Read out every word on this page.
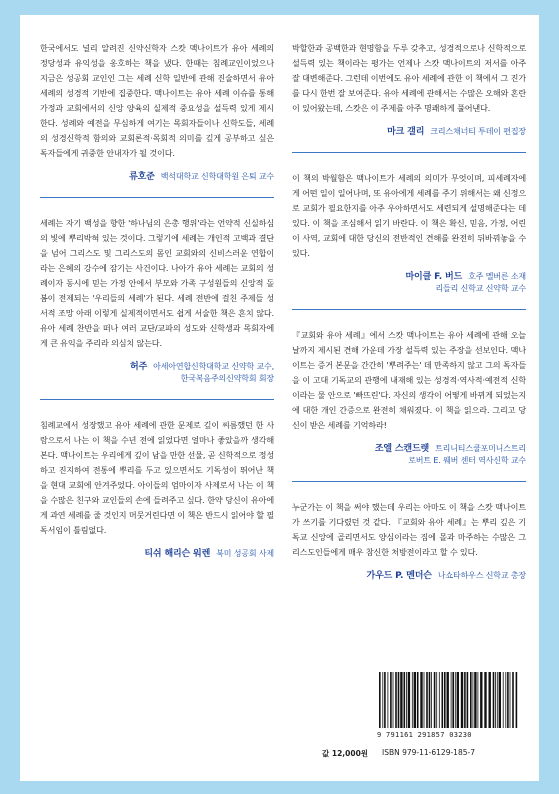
한국에서도 널리 알려진 신약신학자 스캇 맥나이트가 유아 세례의 정당성과 유익성을 옹호하는 책을 냈다. 한때는 침례교인이었으나 지금은 성공회 교인인 그는 세례 신학 일반에 관해 진술하면서 유아 세례의 성경적 기반에 집중한다. 맥나이트는 유아 세례 이슈를 통해 가정과 교회에서의 신앙 양육의 실제적 중요성을 설득력 있게 제시한다. 성례와 예전을 무심하게 여기는 목회자들이나 신학도들, 세례의 성경신학적 함의와 교회론적·목회적 의미를 깊게 공부하고 싶은 독자들에게 귀중한 안내자가 될 것이다.

류호준 백석대학교 신학대학원 은퇴 교수

세례는 자기 백성을 향한 '하나님의 은총 행위'라는 언약적 신실하심의 빛에 뿌리박혀 있는 것이다. 그렇기에 세례는 개인적 고백과 결단을 넘어 그리스도 및 그리스도의 몸인 교회와의 신비스러운 연합이라는 은혜의 강수에 잠기는 사건이다. 나아가 유아 세례는 교회의 성례이자 동시에 믿는 가정 안에서 부모와 가족 구성원들의 신앙적 돌봄이 전제되는 '우리들의 세례'가 된다. 세례 전반에 걸친 주제들 성서적 조망 아래 이렇게 실제적이면서도 쉽게 서술한 책은 흔치 않다. 유아 세례 찬반을 떠나 여러 교단/교파의 성도와 신학생과 목회자에게 큰 유익을 주리라 의심치 않는다.

허주 아세아연합신학대학교 신약학 교수,
한국복음주의신약학회 회장

침례교에서 성장했고 유아 세례에 관한 문제로 깊이 씨름했던 한 사람으로서 나는 이 책을 수년 전에 읽었다면 얼마나 좋았을까 생각해본다. 맥나이트는 우리에게 깊이 남을 만한 선물, 곧 신학적으로 정성하고 진지하여 전통에 뿌리를 두고 있으면서도 기독성이 뛰어난 책을 현대 교회에 안겨주었다. 아이들의 엄마이자 사제로서 나는 이 책을 수많은 친구와 교인들의 손에 들려주고 싶다. 한약 당신이 유아에게 과연 세례를 줄 것인지 머뭇거린다면 이 책은 반드시 읽어야 할 필독서임이 틀림없다.

티쉬 해리슨 워렌 북미 성공회 사제

박할한과 공백한과 현명함을 두루 갖추고, 성경적으로나 신학적으로 설득력 있는 책이라는 평가는 언제나 스캇 맥나이트의 저서를 아주 잘 대변해준다. 그런데 이번에도 유아 세례에 관한 이 책에서 그 진가를 다시 한번 잘 보여준다. 유아 세례에 관해서는 수많은 오해와 혼란이 있어왔는데, 스캇은 이 주제를 아주 명쾌하게 풀어낸다.

마크 갤리 크리스채너티 투데이 편집장

이 책의 박월함은 맥나이트가 세례의 의미가 무엇이며, 피세례자에게 어떤 일이 일어나며, 또 유아에게 세례를 주기 위해서는 왜 신정으로 교회가 필요한지를 아주 우아하면서도 세련되게 설명해준다는 데 있다. 이 책을 조심해서 읽기 바란다. 이 책은 확신, 믿음, 가정, 어린이 사역, 교회에 대한 당신의 전반적인 견해를 완전히 뒤바꿔놓을 수 있다.

마이클 F. 버드 호주 멜버른 소재
리들리 신학교 신약학 교수

『교회와 유아 세례』에서 스캇 맥나이트는 유아 세례에 관해 오늘날까지 제시된 견해 가운데 가장 설득력 있는 주장을 선보인다. 맥나이트는 증거 본문을 간간히 '뿌려주는' 데 만족하지 않고 그의 독자들을 이 고대 기독교의 관행에 내재해 있는 성경적·역사적·예전적 신학이라는 물 안으로 '빠뜨린'다. 자신의 생각이 어떻게 바뀌게 되었는지에 대한 개인 간증으로 완전히 채워졌다. 이 책을 읽으라. 그리고 당신이 받은 세례를 기억하라!

조엘 스캔드렛 트리니티스쿨포미니스트리
로버트 E. 웨버 센터 역사신학 교수

누군가는 이 책을 써야 했는데 우리는 아마도 이 책을 스캇 맥나이트가 쓰기를 기다렸던 것 같다. 『교회와 유아 세례』는 뿌리 깊은 기독교 신앙에 골리면서도 양심이라는 짐에 몰과 마주하는 수많은 그리스도인들에게 매우 참신한 처방전이라고 할 수 있다.

가우드 P. 멘더슨 나쇼타하우스 신학교 총장

9 791161 291857 03230
값 12,000원 ISBN 979-11-6129-185-7
